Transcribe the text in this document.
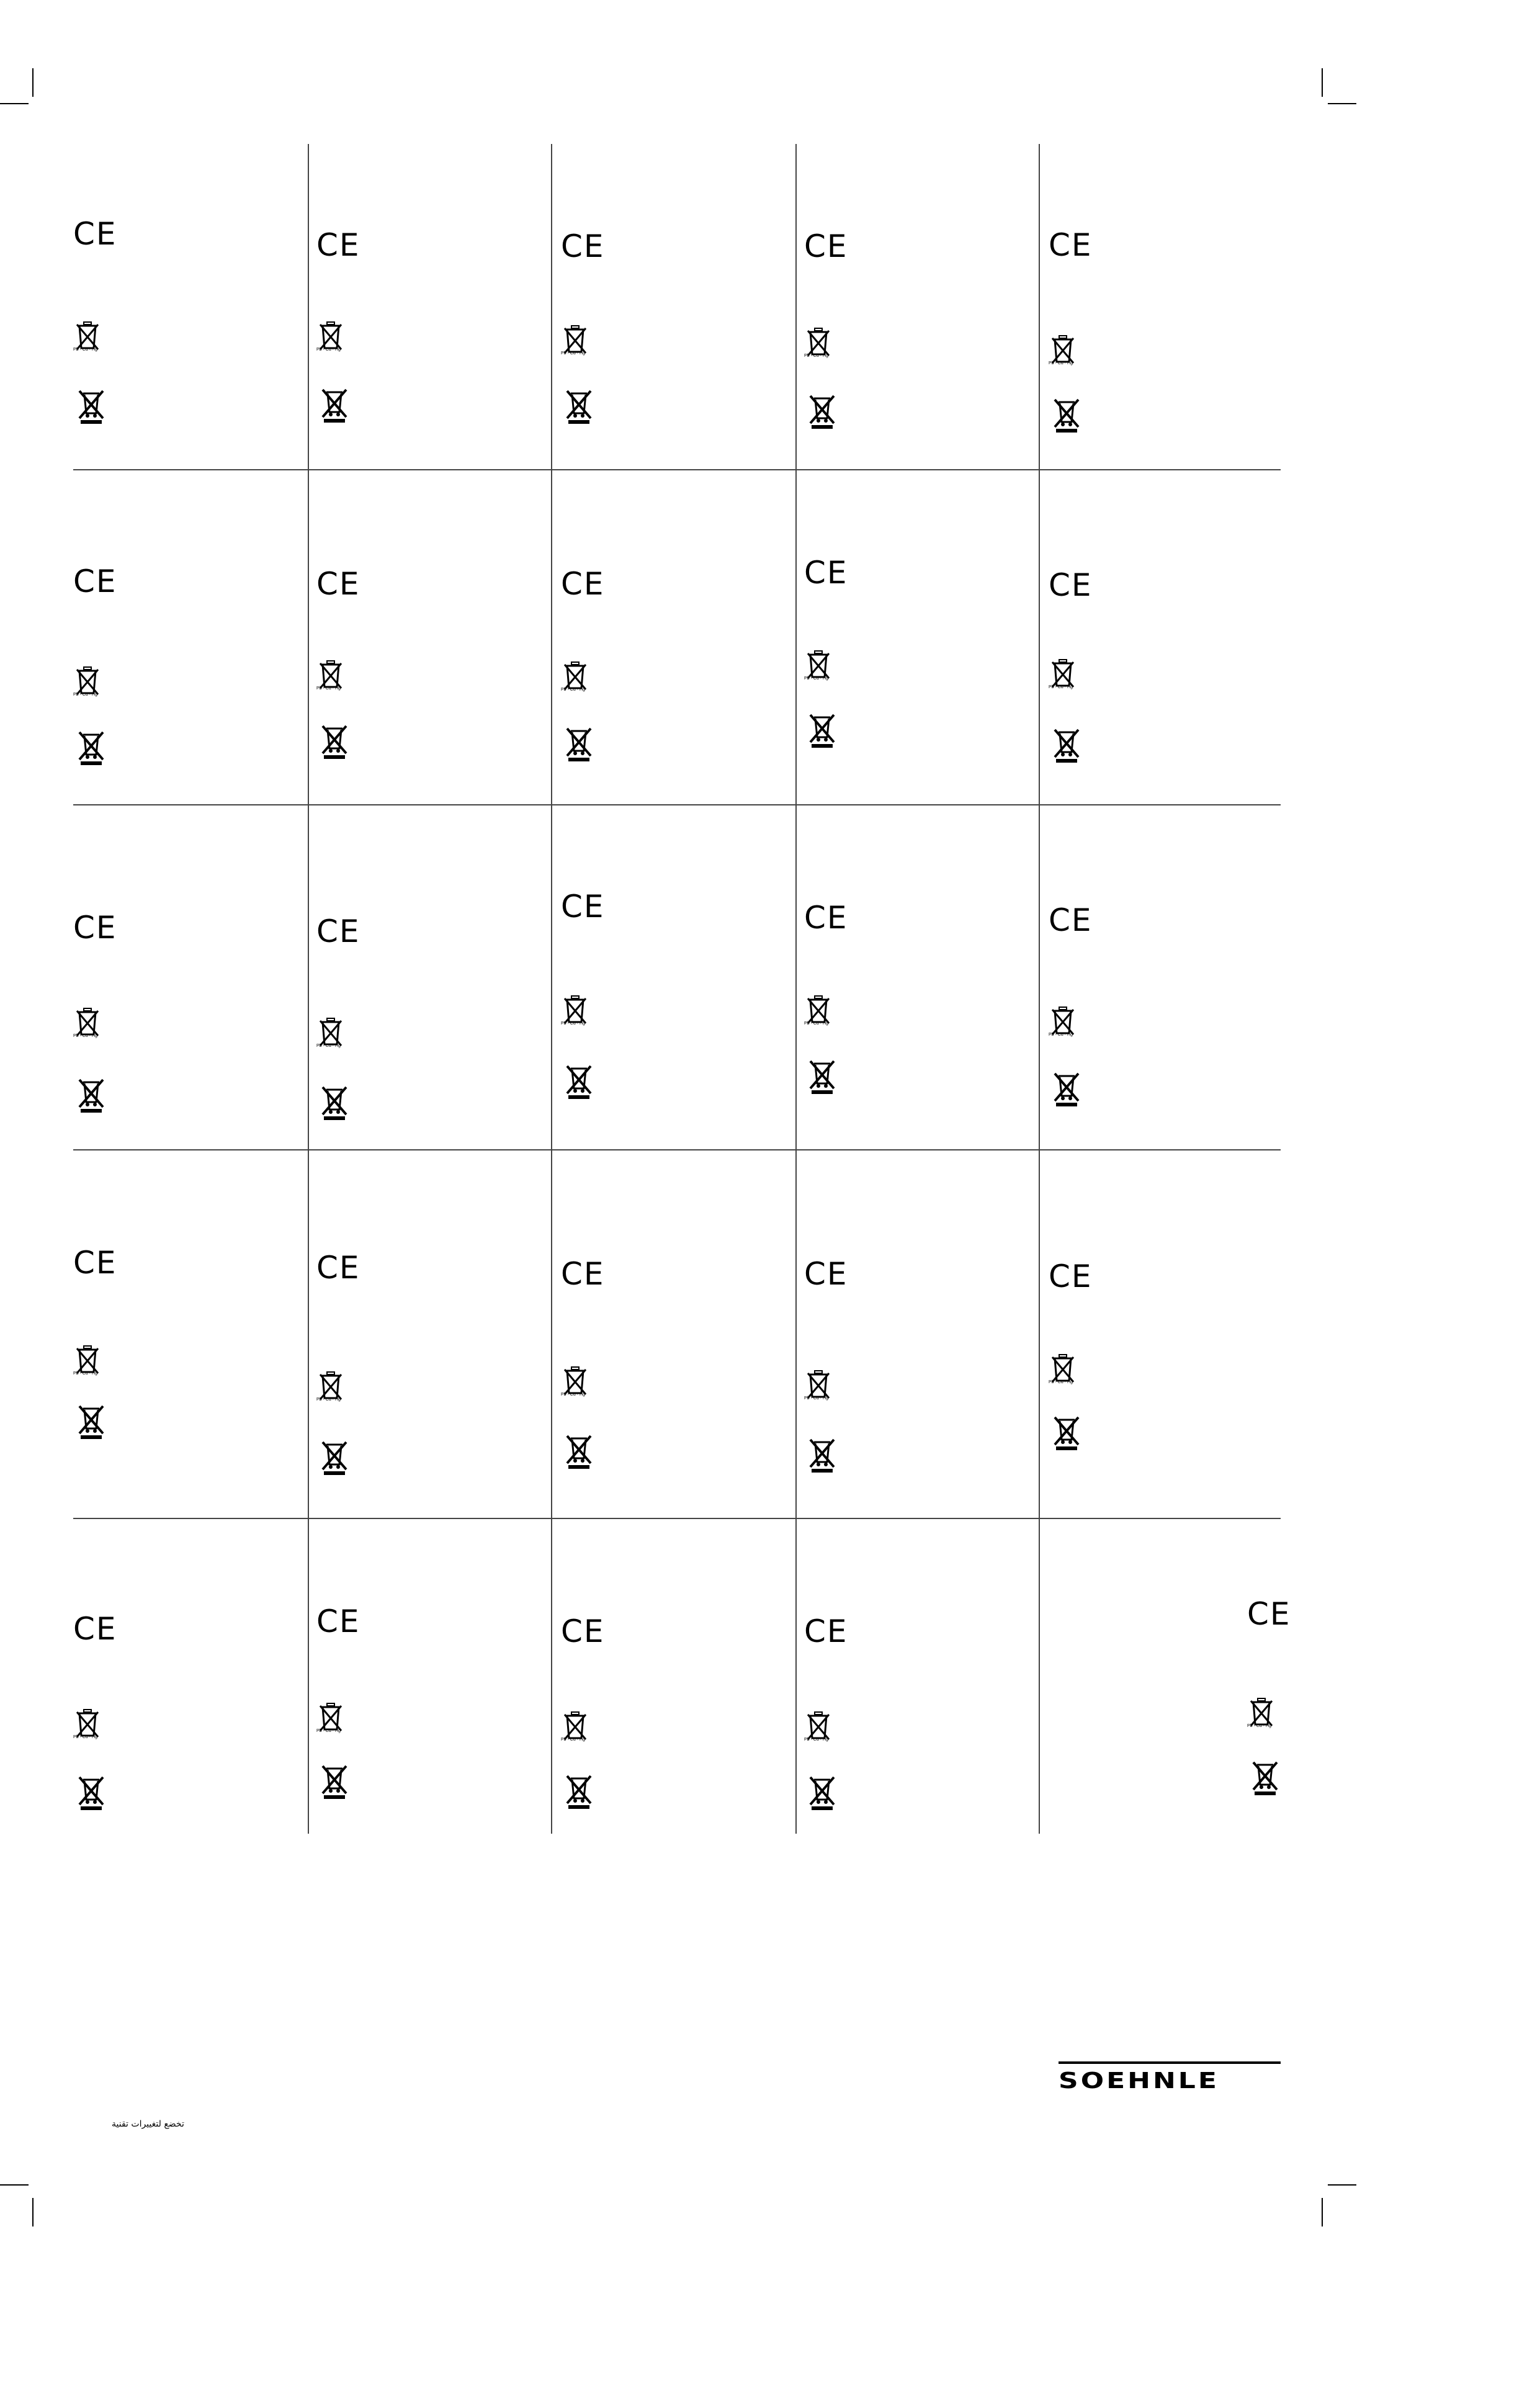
CE
Pb · Cd · Hg
CE
Pb · Cd · Hg
CE
Pb · Cd · Hg
CE
Pb · Cd · Hg
CE
Pb · Cd · Hg
CE
Pb · Cd · Hg
CE
Pb · Cd · Hg
CE
Pb · Cd · Hg
CE
Pb · Cd · Hg
CE
Pb · Cd · Hg
CE
Pb · Cd · Hg
CE
Pb · Cd · Hg
CE
Pb · Cd · Hg
CE
Pb · Cd · Hg
CE
Pb · Cd · Hg
CE
Pb · Cd · Hg
CE
Pb · Cd · Hg
CE
Pb · Cd · Hg
CE
Pb · Cd · Hg
CE
Pb · Cd · Hg
CE
Pb · Cd · Hg
CE
Pb · Cd · Hg
CE
Pb · Cd · Hg
CE
Pb · Cd · Hg
CE
Pb · Cd · Hg
تخضع لتغييرات تقنية
SOEHNLE
